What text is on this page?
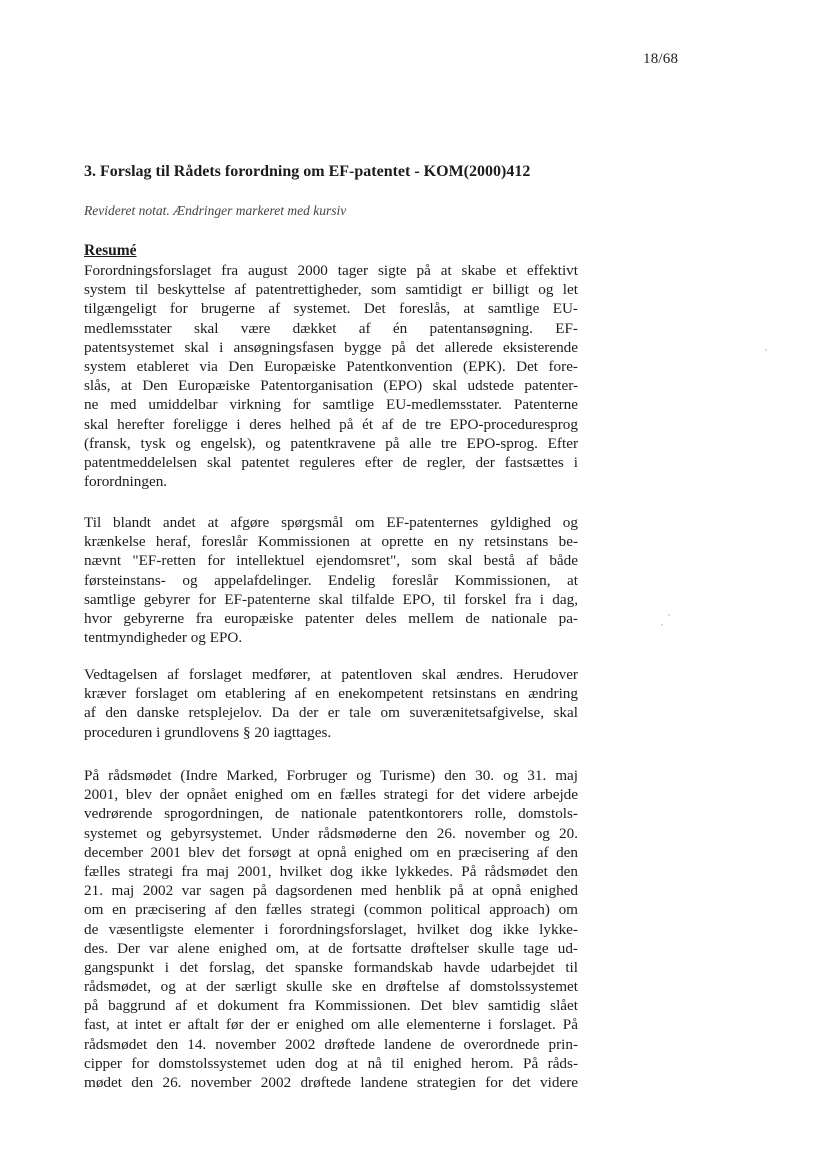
18/68
3. Forslag til Rådets forordning om EF-patentet - KOM(2000)412
Revideret notat. Ændringer markeret med kursiv
Resumé
Forordningsforslaget fra august 2000 tager sigte på at skabe et effektivt
system til beskyttelse af patentrettigheder, som samtidigt er billigt og let
tilgængeligt for brugerne af systemet. Det foreslås, at samtlige EU-
medlemsstater skal være dækket af én patentansøgning. EF-
patentsystemet skal i ansøgningsfasen bygge på det allerede eksisterende
system etableret via Den Europæiske Patentkonvention (EPK). Det fore-
slås, at Den Europæiske Patentorganisation (EPO) skal udstede patenter-
ne med umiddelbar virkning for samtlige EU-medlemsstater. Patenterne
skal herefter foreligge i deres helhed på ét af de tre EPO-proceduresprog
(fransk, tysk og engelsk), og patentkravene på alle tre EPO-sprog. Efter
patentmeddelelsen skal patentet reguleres efter de regler, der fastsættes i
forordningen.
Til blandt andet at afgøre spørgsmål om EF-patenternes gyldighed og
krænkelse heraf, foreslår Kommissionen at oprette en ny retsinstans be-
nævnt "EF-retten for intellektuel ejendomsret", som skal bestå af både
førsteinstans- og appelafdelinger. Endelig foreslår Kommissionen, at
samtlige gebyrer for EF-patenterne skal tilfalde EPO, til forskel fra i dag,
hvor gebyrerne fra europæiske patenter deles mellem de nationale pa-
tentmyndigheder og EPO.
Vedtagelsen af forslaget medfører, at patentloven skal ændres. Herudover
kræver forslaget om etablering af en enekompetent retsinstans en ændring
af den danske retsplejelov. Da der er tale om suverænitetsafgivelse, skal
proceduren i grundlovens § 20 iagttages.
På rådsmødet (Indre Marked, Forbruger og Turisme) den 30. og 31. maj
2001, blev der opnået enighed om en fælles strategi for det videre arbejde
vedrørende sprogordningen, de nationale patentkontorers rolle, domstols-
systemet og gebyrsystemet. Under rådsmøderne den 26. november og 20.
december 2001 blev det forsøgt at opnå enighed om en præcisering af den
fælles strategi fra maj 2001, hvilket dog ikke lykkedes. På rådsmødet den
21. maj 2002 var sagen på dagsordenen med henblik på at opnå enighed
om en præcisering af den fælles strategi (common political approach) om
de væsentligste elementer i forordningsforslaget, hvilket dog ikke lykke-
des. Der var alene enighed om, at de fortsatte drøftelser skulle tage ud-
gangspunkt i det forslag, det spanske formandskab havde udarbejdet til
rådsmødet, og at der særligt skulle ske en drøftelse af domstolssystemet
på baggrund af et dokument fra Kommissionen. Det blev samtidig slået
fast, at intet er aftalt før der er enighed om alle elementerne i forslaget. På
rådsmødet den 14. november 2002 drøftede landene de overordnede prin-
cipper for domstolssystemet uden dog at nå til enighed herom. På råds-
mødet den 26. november 2002 drøftede landene strategien for det videre
